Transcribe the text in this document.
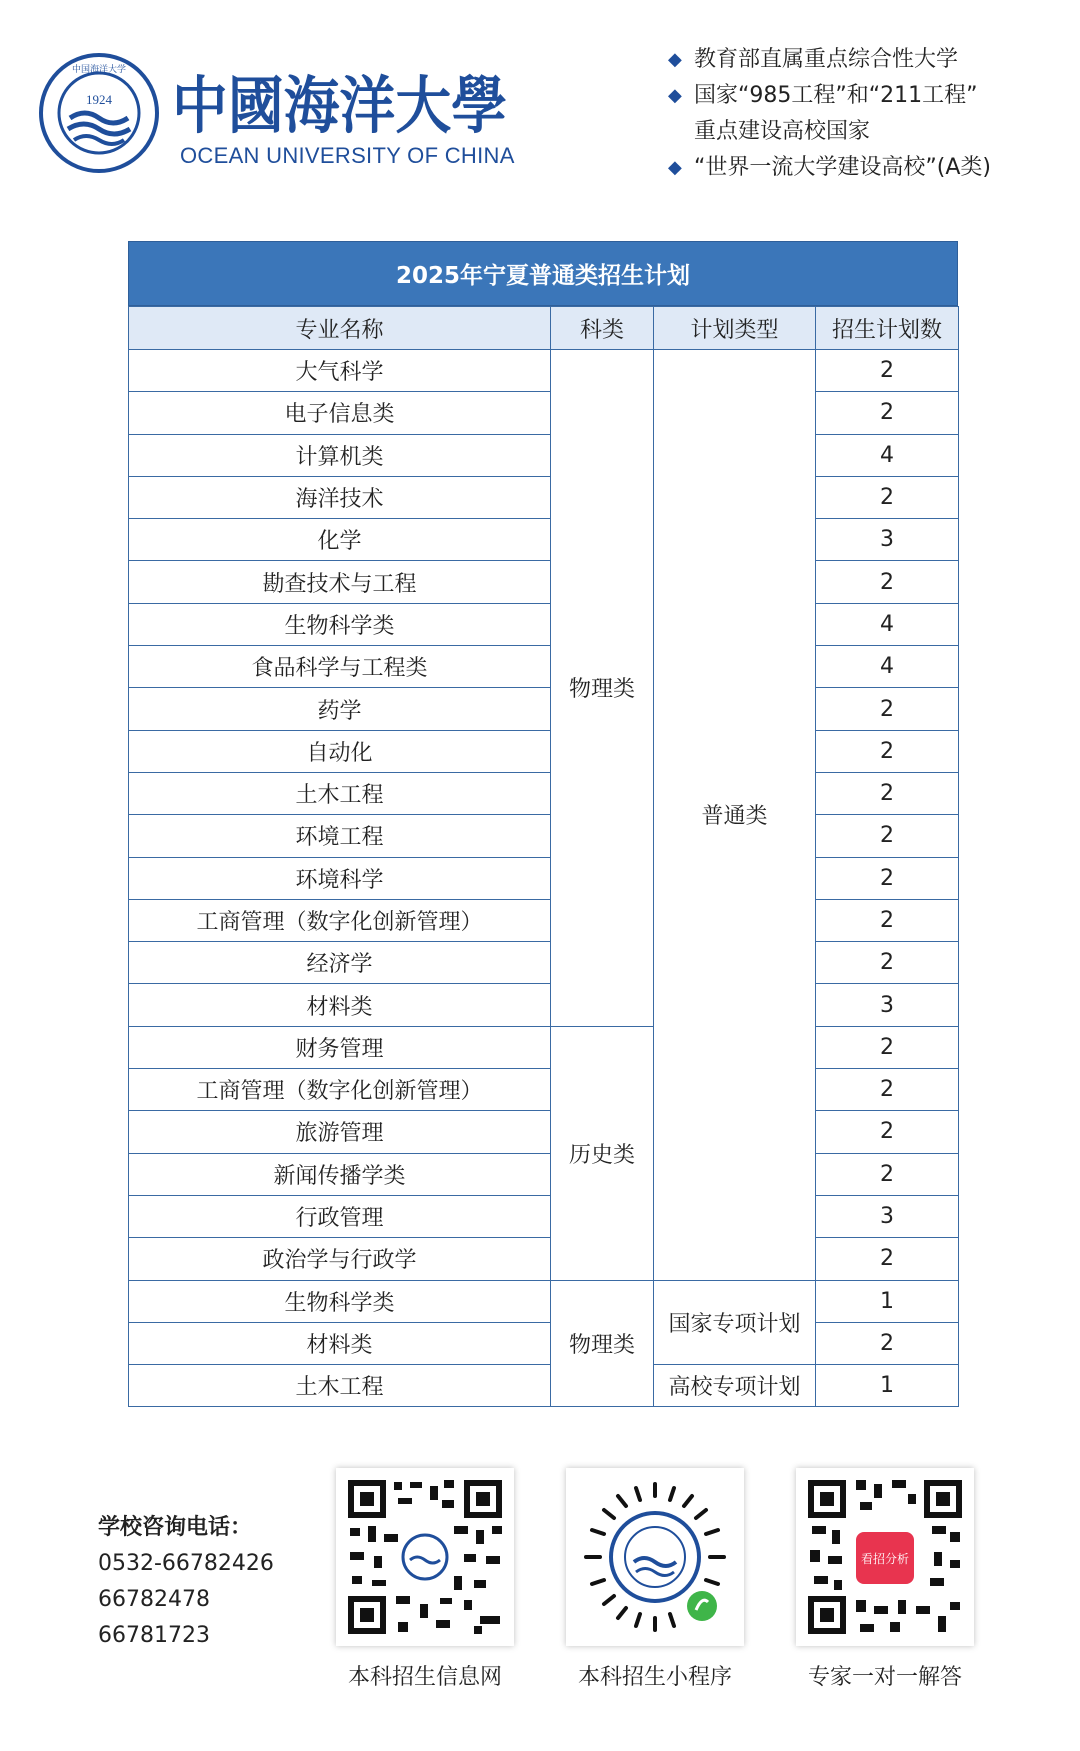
1924
中国海洋大学 中國海洋大學
OCEAN UNIVERSITY OF CHINA
◆ 教育部直属重点综合性大学
◆ 国家“985工程”和“211工程”
重点建设高校国家
◆ “世界一流大学建设高校”(A类)
2025年宁夏普通类招生计划
专业名称	科类	计划类型	招生计划数
大气科学	物理类	普通类	2
电子信息类			2
计算机类			4
海洋技术			2
化学			3
勘查技术与工程			2
生物科学类			4
食品科学与工程类			4
药学			2
自动化			2
土木工程			2
环境工程			2
环境科学			2
工商管理（数字化创新管理）			2
经济学			2
材料类			3
财务管理	历史类		2
工商管理（数字化创新管理）			2
旅游管理			2
新闻传播学类			2
行政管理			3
政治学与行政学			2
生物科学类	物理类	国家专项计划	1
材料类			2
土木工程		高校专项计划	1
学校咨询电话：
0532-66782426
66782478
66781723
本科招生信息网	本科招生小程序
看招分析
专家一对一解答
